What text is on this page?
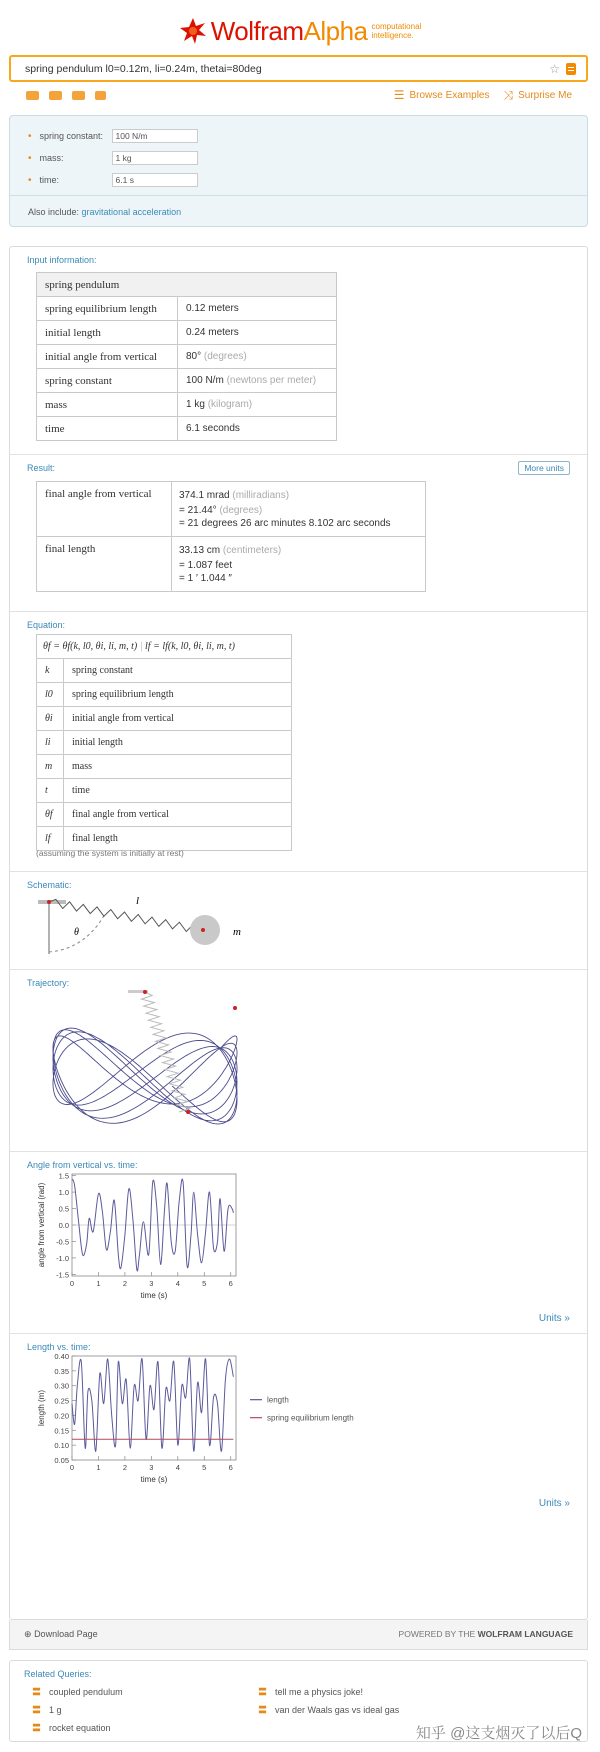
WolframAlpha computational
intelligence.
spring pendulum l0=0.12m, li=0.24m, thetai=80deg	☆
☰ Browse Examples ⤨ Surprise Me
• spring constant:	100 N/m
• mass:	1 kg
• time:	6.1 s
Also include: gravitational acceleration
Input information:
spring pendulum	
spring equilibrium length	0.12 meters
initial length	0.24 meters
initial angle from vertical	80° (degrees)
spring constant	100 N/m (newtons per meter)
mass	1 kg (kilogram)
time	6.1 seconds
Result:	More units
final angle from vertical	374.1 mrad (milliradians)
= 21.44° (degrees)
= 21 degrees 26 arc minutes 8.102 arc seconds

final length	33.13 cm (centimeters)
= 1.087 feet
= 1 ′ 1.044 ″
Equation:
θf = θf(k, l0, θi, li, m, t) | lf = lf(k, l0, θi, li, m, t)	
k	spring constant
l0	spring equilibrium length
θi	initial angle from vertical
li	initial length
m	mass
t	time
θf	final angle from vertical
lf	final length
(assuming the system is initially at rest)
Schematic:
l
θ	m
Trajectory:
Angle from vertical vs. time:
-1.5
-1.0
-0.5
0.0
0.5
1.0
1.5
0	1	2	3	4	5	6
time (s)
angle from vertical (rad)
Units »
Length vs. time:
0.05
0.10
0.15
0.20
0.25
0.30
0.35
0.40
0	1	2	3	4	5	6
time (s)
length (m)	length
spring equilibrium length
Units »
⊕ Download Page	POWERED BY THE WOLFRAM LANGUAGE
Related Queries:
〓 coupled pendulum	〓 tell me a physics joke!
〓 1 g	〓 van der Waals gas vs ideal gas
〓 rocket equation	知乎 @这支烟灭了以后Q
